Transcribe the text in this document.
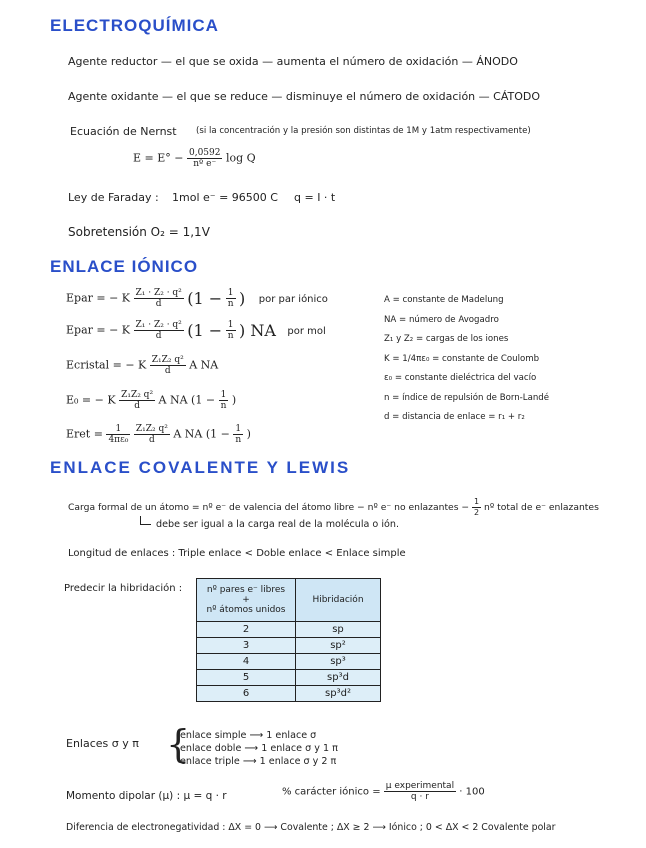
ELECTROQUÍMICA
Agente reductor — el que se oxida — aumenta el número de oxidación — ÁNODO
Agente oxidante — el que se reduce — disminuye el número de oxidación — CÁTODO
Ecuación de Nernst (si la concentración y la presión son distintas de 1M y 1atm respectivamente)
$E = E^\circ - \frac{0,0592}{\text{nº e⁻}}$ log Q
Ley de Faraday : 1mol e⁻ = 96500 C q = I · t
Sobretensión O₂ = 1,1V
ENLACE IÓNICO
Epar = − K $\frac{\text{Z₁ · Z₂ · q²}}{d} (1 - \frac{1}{n}$ ) por par iónico
Epar = − K $\frac{\text{Z₁ · Z₂ · q²}}{d} (1 - \frac{1}{n}$ ) NA por mol
Ecristal = − K $\frac{\text{Z₁Z₂ q²}}{d}$ A NA
E₀ = − K $\frac{\text{Z₁Z₂ q²}}{d}$ A NA ($1 - \frac{1}{n}$ )
Eret = $\frac{1}{\text{4πε₀}}$
$\frac{\text{Z₁Z₂ q²}}{d}$ A NA ($1 - \frac{1}{n}$ )
A = constante de Madelung
NA = número de Avogadro
Z₁ y Z₂ = cargas de los iones
K = 1/4πε₀ = constante de Coulomb
ε₀ = constante dieléctrica del vacío
n = índice de repulsión de Born-Landé
d = distancia de enlace = r₁ + r₂
ENLACE COVALENTE Y LEWIS
Carga formal de un átomo = nº e⁻ de valencia del átomo libre − nº e⁻ no enlazantes − $\frac{1}{2}$ nº total de e⁻ enlazantes
debe ser igual a la carga real de la molécula o ión.
Longitud de enlaces : Triple enlace < Doble enlace < Enlace simple
Predecir la hibridación :	nº pares e⁻ libres
+
nº átomos unidos	Hibridación
2	sp
3	sp²
4	sp³
5	sp³d
6	sp³d²
Enlaces σ y π {
enlace simple ⟶ 1 enlace σ
enlace doble ⟶ 1 enlace σ y 1 π
enlace triple ⟶ 1 enlace σ y 2 π
Momento dipolar (μ) : μ = q · r	% carácter iónico =
μ experimental
q · r	· 100
Diferencia de electronegatividad : ΔX = 0 ⟶ Covalente ; ΔX ≥ 2 ⟶ Iónico ; 0 < ΔX < 2 Covalente polar
